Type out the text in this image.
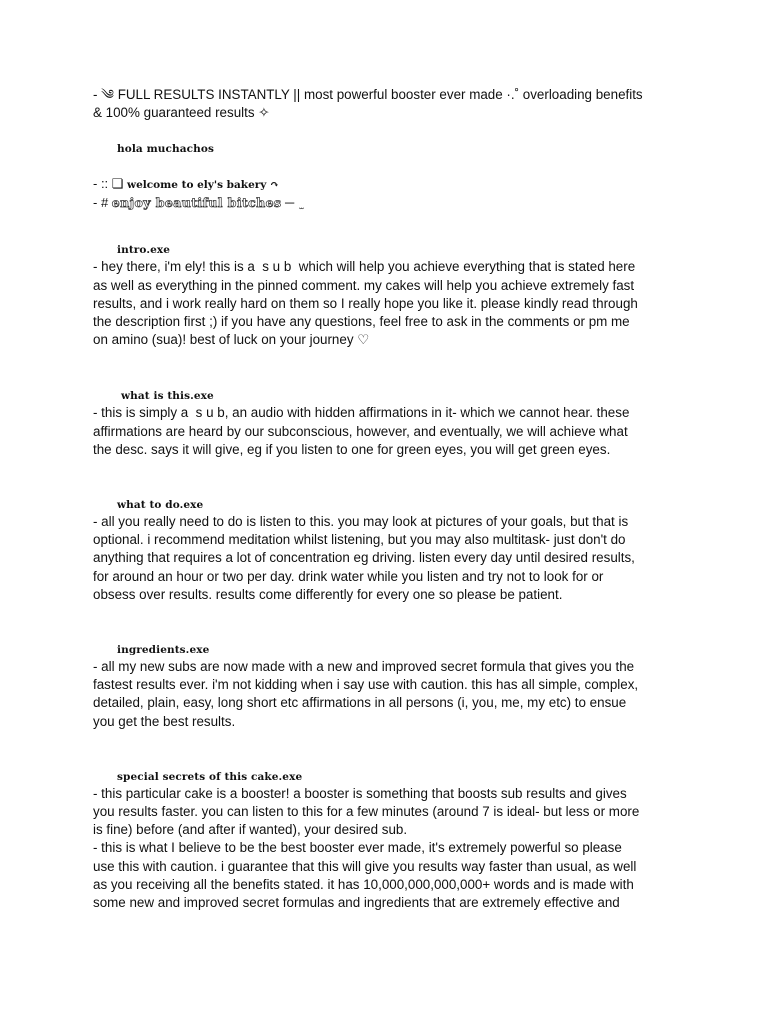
- ༄ FULL RESULTS INSTANTLY || most powerful booster ever made ·.˚ overloading benefits
& 100% guaranteed results ✧
hola muchachos
- :: ❏ welcome to ely's bakery ↷
- # enjoy beautiful bitches ─  ̫
intro.exe
- hey there, i'm ely! this is a  s u b  which will help you achieve everything that is stated here
as well as everything in the pinned comment. my cakes will help you achieve extremely fast
results, and i work really hard on them so I really hope you like it. please kindly read through
the description first ;) if you have any questions, feel free to ask in the comments or pm me
on amino (sua)! best of luck on your journey ♡
what is this.exe
- this is simply a  s u b, an audio with hidden affirmations in it- which we cannot hear. these
affirmations are heard by our subconscious, however, and eventually, we will achieve what
the desc. says it will give, eg if you listen to one for green eyes, you will get green eyes.
what to do.exe
- all you really need to do is listen to this. you may look at pictures of your goals, but that is
optional. i recommend meditation whilst listening, but you may also multitask- just don't do
anything that requires a lot of concentration eg driving. listen every day until desired results,
for around an hour or two per day. drink water while you listen and try not to look for or
obsess over results. results come differently for every one so please be patient.
ingredients.exe
- all my new subs are now made with a new and improved secret formula that gives you the
fastest results ever. i'm not kidding when i say use with caution. this has all simple, complex,
detailed, plain, easy, long short etc affirmations in all persons (i, you, me, my etc) to ensue
you get the best results.
special secrets of this cake.exe
- this particular cake is a booster! a booster is something that boosts sub results and gives
you results faster. you can listen to this for a few minutes (around 7 is ideal- but less or more
is fine) before (and after if wanted), your desired sub.
- this is what I believe to be the best booster ever made, it's extremely powerful so please
use this with caution. i guarantee that this will give you results way faster than usual, as well
as you receiving all the benefits stated. it has 10,000,000,000,000+ words and is made with
some new and improved secret formulas and ingredients that are extremely effective and
